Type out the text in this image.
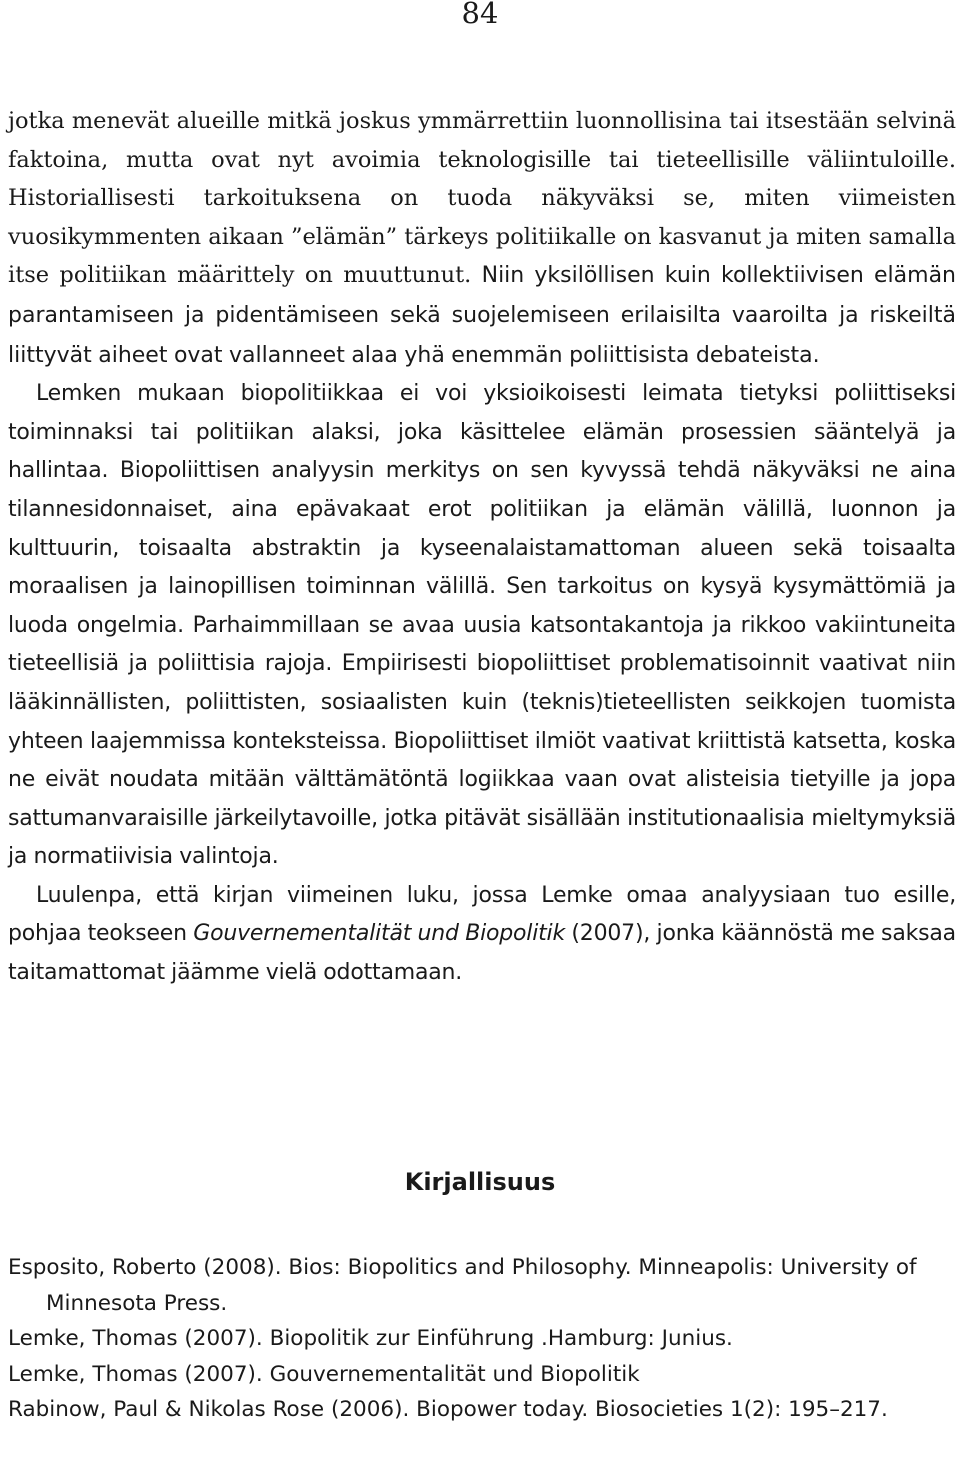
84

jotka menevät alueille mitkä joskus ymmärrettiin luonnollisina tai itsestään selvinä faktoina, mutta ovat nyt avoimia teknologisille tai tieteellisille väliintuloille. Historiallisesti tarkoituksena on tuoda näkyväksi se, miten viimeisten vuosikymmenten aikaan ”elämän” tärkeys politiikalle on kasvanut ja miten samalla itse politiikan määrittely on muuttunut. Niin yksilöllisen kuin kollektiivisen elämän parantamiseen ja pidentämiseen sekä suojelemiseen erilaisilta vaaroilta ja riskeiltä liittyvät aiheet ovat vallanneet alaa yhä enemmän poliittisista debateista.

Lemken mukaan biopolitiikkaa ei voi yksioikoisesti leimata tietyksi poliittiseksi toiminnaksi tai politiikan alaksi, joka käsittelee elämän prosessien sääntelyä ja hallintaa. Biopoliittisen analyysin merkitys on sen kyvyssä tehdä näkyväksi ne aina tilannesidonnaiset, aina epävakaat erot politiikan ja elämän välillä, luonnon ja kulttuurin, toisaalta abstraktin ja kyseenalaistamattoman alueen sekä toisaalta moraalisen ja lainopillisen toiminnan välillä. Sen tarkoitus on kysyä kysymättömiä ja luoda ongelmia. Parhaimmillaan se avaa uusia katsontakantoja ja rikkoo vakiintuneita tieteellisiä ja poliittisia rajoja. Empiirisesti biopoliittiset problematisoinnit vaativat niin lääkinnällisten, poliittisten, sosiaalisten kuin (teknis)tieteellisten seikkojen tuomista yhteen laajemmissa konteksteissa. Biopoliittiset ilmiöt vaativat kriittistä katsetta, koska ne eivät noudata mitään välttämätöntä logiikkaa vaan ovat alisteisia tietyille ja jopa sattumanvaraisille järkeilytavoille, jotka pitävät sisällään institutionaalisia mieltymyksiä ja normatiivisia valintoja.

Luulenpa, että kirjan viimeinen luku, jossa Lemke omaa analyysiaan tuo esille, pohjaa teokseen Gouvernementalität und Biopolitik (2007), jonka käännöstä me saksaa taitamattomat jäämme vielä odottamaan.

Kirjallisuus

Esposito, Roberto (2008). Bios: Biopolitics and Philosophy. Minneapolis: University of Minnesota Press.

Lemke, Thomas (2007). Biopolitik zur Einführung .Hamburg: Junius.

Lemke, Thomas (2007). Gouvernementalität und Biopolitik

Rabinow, Paul & Nikolas Rose (2006). Biopower today. Biosocieties 1(2): 195–217.
